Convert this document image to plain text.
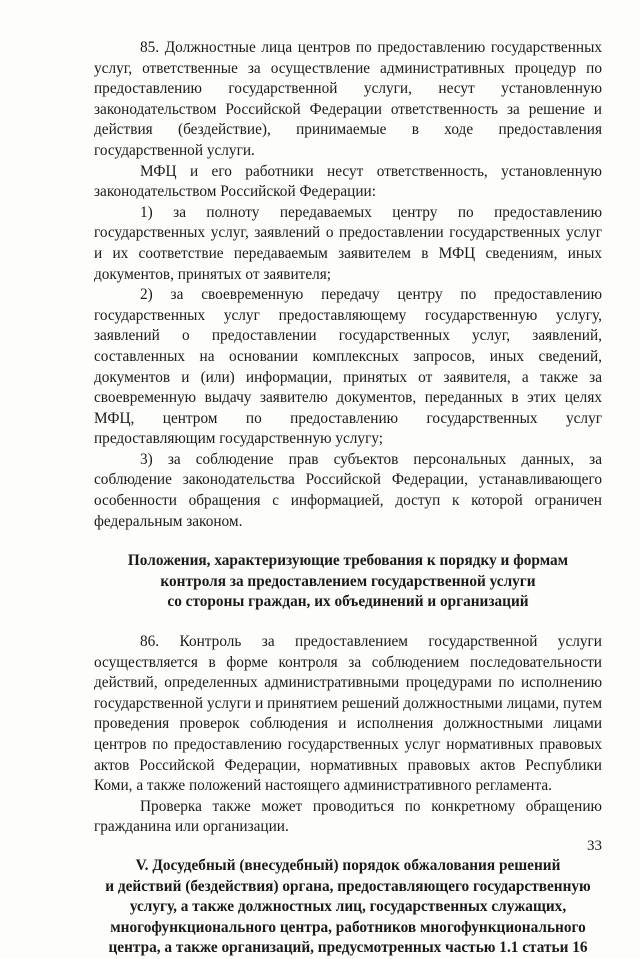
85. Должностные лица центров по предоставлению государственных услуг, ответственные за осуществление административных процедур по предоставлению государственной услуги, несут установленную законодательством Российской Федерации ответственность за решение и действия (бездействие), принимаемые в ходе предоставления государственной услуги.

МФЦ и его работники несут ответственность, установленную законодательством Российской Федерации:

1) за полноту передаваемых центру по предоставлению государственных услуг, заявлений о предоставлении государственных услуг и их соответствие передаваемым заявителем в МФЦ сведениям, иных документов, принятых от заявителя;

2) за своевременную передачу центру по предоставлению государственных услуг предоставляющему государственную услугу, заявлений о предоставлении государственных услуг, заявлений, составленных на основании комплексных запросов, иных сведений, документов и (или) информации, принятых от заявителя, а также за своевременную выдачу заявителю документов, переданных в этих целях МФЦ, центром по предоставлению государственных услуг предоставляющим государственную услугу;

3) за соблюдение прав субъектов персональных данных, за соблюдение законодательства Российской Федерации, устанавливающего особенности обращения с информацией, доступ к которой ограничен федеральным законом.

Положения, характеризующие требования к порядку и формам
контроля за предоставлением государственной услуги
со стороны граждан, их объединений и организаций

86. Контроль за предоставлением государственной услуги осуществляется в форме контроля за соблюдением последовательности действий, определенных административными процедурами по исполнению государственной услуги и принятием решений должностными лицами, путем проведения проверок соблюдения и исполнения должностными лицами центров по предоставлению государственных услуг нормативных правовых актов Российской Федерации, нормативных правовых актов Республики Коми, а также положений настоящего административного регламента.

Проверка также может проводиться по конкретному обращению гражданина или организации.

V. Досудебный (внесудебный) порядок обжалования решений
и действий (бездействия) органа, предоставляющего государственную
услугу, а также должностных лиц, государственных служащих,
многофункционального центра, работников многофункционального
центра, а также организаций, предусмотренных частью 1.1 статьи 16
33
